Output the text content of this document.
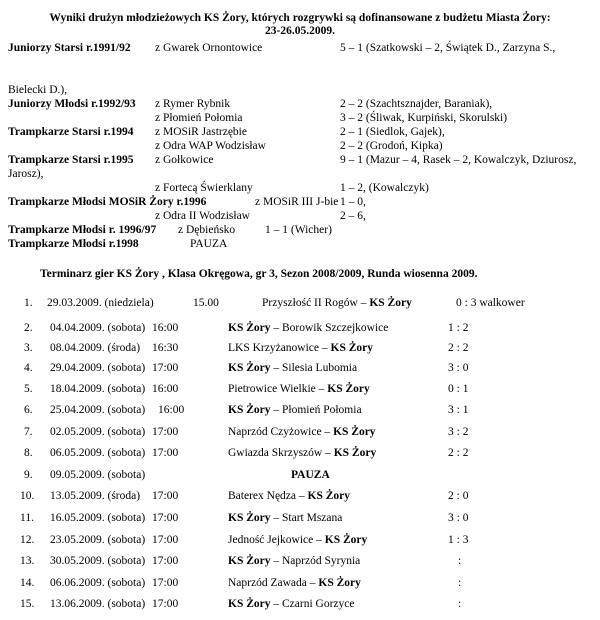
Wyniki drużyn młodzieżowych KS Żory, których rozgrywki są dofinansowane z budżetu Miasta Żory:
23-26.05.2009.
Juniorzy Starsi r.1991/92 z Gwarek Ornontowice	5 – 1 (Szatkowski – 2, Świątek D., Zarzyna S.,
Bielecki D.),
Juniorzy Młodsi r.1992/93 z Rymer Rybnik	2 – 2 (Szachtsznajder, Baraniak),
z Płomień Połomia	3 – 2 (Śliwak, Kurpiński, Skorulski)
Trampkarze Starsi r.1994 z MOSiR Jastrzębie	2 – 1 (Siedlok, Gajek),
z Odra WAP Wodzisław	2 – 2 (Grodoń, Kipka)
Trampkarze Starsi r.1995 z Gołkowice	9 – 1 (Mazur – 4, Rasek – 2, Kowalczyk, Dziurosz,
Jarosz),
z Fortecą Świerklany	1 – 2, (Kowalczyk)
Trampkarze Młodsi MOSiR Żory r.1996	z MOSiR III J-bie 1 – 0,
z Odra II Wodzisław	2 – 6,
Trampkarze Młodsi r. 1996/97 z Dębieńsko	1 – 1 (Wicher)
Trampkarze Młodsi r.1998	PAUZA
Terminarz gier KS Żory , Klasa Okręgowa, gr 3, Sezon 2008/2009, Runda wiosenna 2009.
1. 29.03.2009. (niedziela)	15.00	Przyszłość II Rogów – KS Żory	0 : 3 walkower
2. 04.04.2009. (sobota) 16:00	KS Żory – Borowik Szczejkowice	1 : 2
3. 08.04.2009. (środa) 16:30	LKS Krzyżanowice – KS Żory	2 : 2
4. 29.04.2009. (sobota) 17:00	KS Żory – Silesia Lubomia	3 : 0
5. 18.04.2009. (sobota) 16:00	Pietrowice Wielkie – KS Żory	0 : 1
6. 25.04.2009. (sobota) 16:00	KS Żory – Płomień Połomia	3 : 1
7. 02.05.2009. (sobota) 17:00	Naprzód Czyżowice – KS Żory	3 : 2
8. 06.05.2009. (sobota) 17:00	Gwiazda Skrzyszów – KS Żory	2 : 2
9. 09.05.2009. (sobota)	PAUZA
10. 13.05.2009. (środa) 17:00	Baterex Nędza – KS Żory	2 : 0
11. 16.05.2009. (sobota) 17:00	KS Żory – Start Mszana	3 : 0
12. 23.05.2009. (sobota) 17:00	Jedność Jejkowice – KS Żory	1 : 3
13. 30.05.2009. (sobota) 17:00	KS Żory – Naprzód Syrynia	:
14. 06.06.2009. (sobota) 17:00	Naprzód Zawada – KS Żory	:
15. 13.06.2009. (sobota) 17:00	KS Żory – Czarni Gorzyce	:
